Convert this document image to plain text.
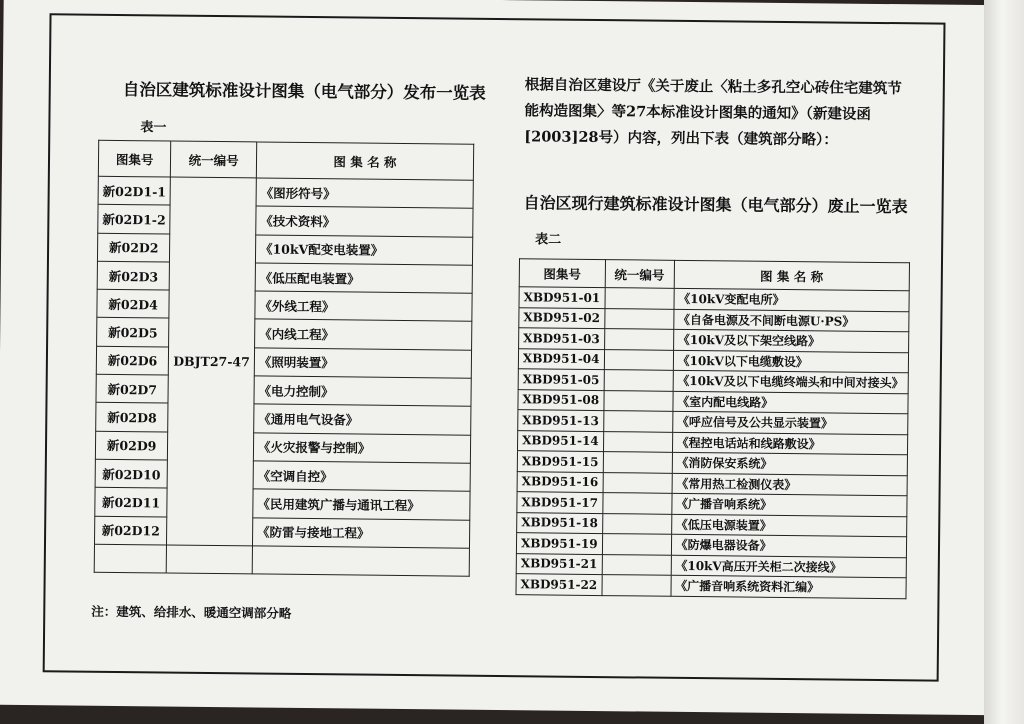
自治区建筑标准设计图集（电气部分）发布一览表
表一
图集号	统一编号	图 集 名 称
新02D1-1	DBJT27-47	《图形符号》
新02D1-2		《技术资料》
新02D2		《10kV配变电装置》
新02D3		《低压配电装置》
新02D4		《外线工程》
新02D5		《内线工程》
新02D6		《照明装置》
新02D7		《电力控制》
新02D8		《通用电气设备》
新02D9		《火灾报警与控制》
新02D10		《空调自控》
新02D11		《民用建筑广播与通讯工程》
新02D12		《防雷与接地工程》

注：建筑、给排水、暖通空调部分略
根据自治区建设厅《关于废止〈粘土多孔空心砖住宅建筑节能构造图集〉等27本标准设计图集的通知》（新建设函[2003]28号）内容，列出下表（建筑部分略）：
自治区现行建筑标准设计图集（电气部分）废止一览表
表二
图集号	统一编号	图 集 名 称
XBD951-01		《10kV变配电所》
XBD951-02		《自备电源及不间断电源U·PS》
XBD951-03		《10kV及以下架空线路》
XBD951-04		《10kV以下电缆敷设》
XBD951-05		《10kV及以下电缆终端头和中间对接头》
XBD951-08		《室内配电线路》
XBD951-13		《呼应信号及公共显示装置》
XBD951-14		《程控电话站和线路敷设》
XBD951-15		《消防保安系统》
XBD951-16		《常用热工检测仪表》
XBD951-17		《广播音响系统》
XBD951-18		《低压电源装置》
XBD951-19		《防爆电器设备》
XBD951-21		《10kV高压开关柜二次接线》
XBD951-22		《广播音响系统资料汇编》
